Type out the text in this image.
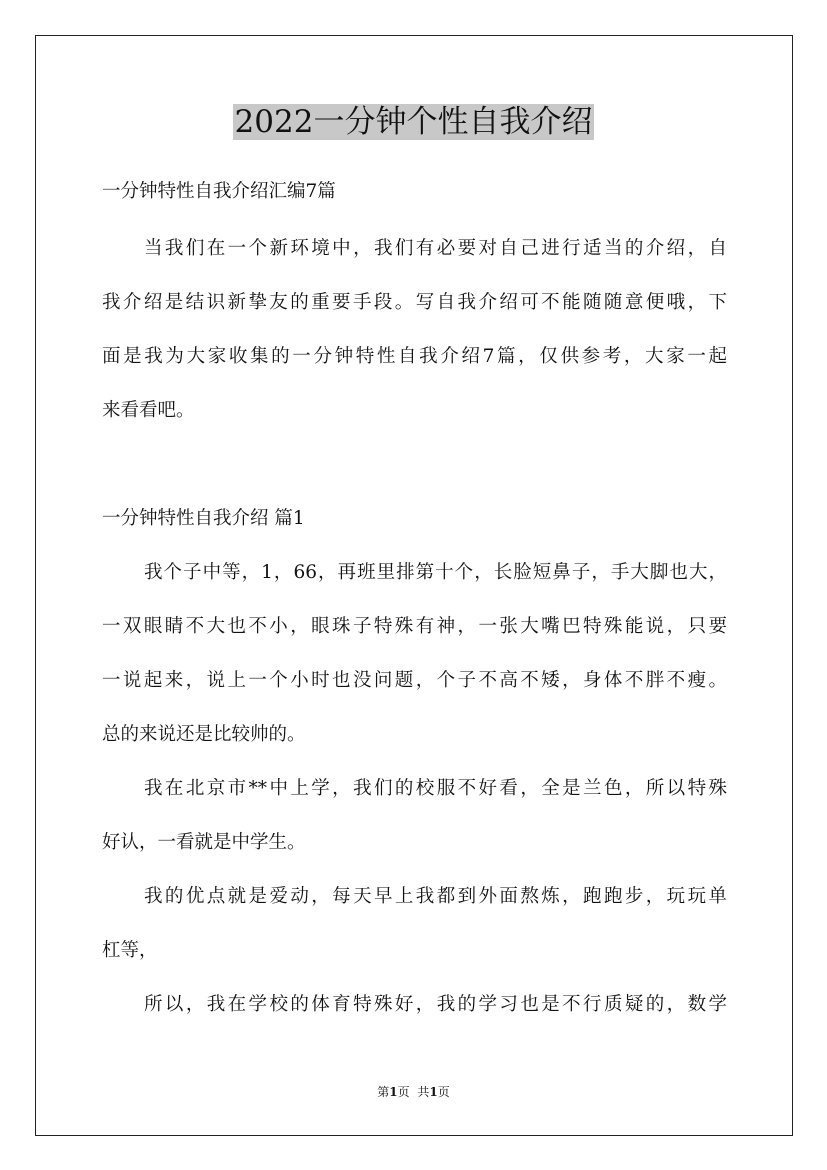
2022一分钟个性自我介绍

一分钟特性自我介绍汇编7篇

当我们在一个新环境中，我们有必要对自己进行适当的介绍，自

我介绍是结识新挚友的重要手段。写自我介绍可不能随随意便哦，下

面是我为大家收集的一分钟特性自我介绍7篇，仅供参考，大家一起

来看看吧。

一分钟特性自我介绍 篇1

我个子中等，1，66，再班里排第十个，长脸短鼻子，手大脚也大，

一双眼睛不大也不小，眼珠子特殊有神，一张大嘴巴特殊能说，只要

一说起来，说上一个小时也没问题，个子不高不矮，身体不胖不瘦。

总的来说还是比较帅的。

我在北京市**中上学，我们的校服不好看，全是兰色，所以特殊

好认，一看就是中学生。

我的优点就是爱动，每天早上我都到外面熬炼，跑跑步，玩玩单

杠等，

所以，我在学校的体育特殊好，我的学习也是不行质疑的，数学

第1页 共1页
